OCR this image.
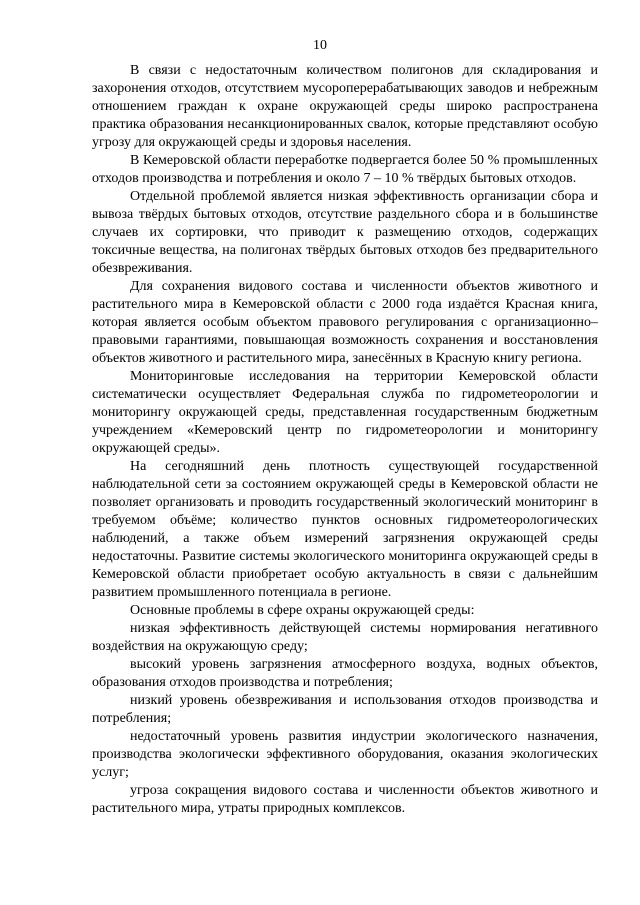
10

В связи с недостаточным количеством полигонов для складирования и захоронения отходов, отсутствием мусороперерабатывающих заводов и небрежным отношением граждан к охране окружающей среды широко распространена практика образования несанкционированных свалок, которые представляют особую угрозу для окружающей среды и здоровья населения.

В Кемеровской области переработке подвергается более 50 % промышленных отходов производства и потребления и около 7 – 10 % твёрдых бытовых отходов.

Отдельной проблемой является низкая эффективность организации сбора и вывоза твёрдых бытовых отходов, отсутствие раздельного сбора и в большинстве случаев их сортировки, что приводит к размещению отходов, содержащих токсичные вещества, на полигонах твёрдых бытовых отходов без предварительного обезвреживания.

Для сохранения видового состава и численности объектов животного и растительного мира в Кемеровской области с 2000 года издаётся Красная книга, которая является особым объектом правового регулирования с организационно–правовыми гарантиями, повышающая возможность сохранения и восстановления объектов животного и растительного мира, занесённых в Красную книгу региона.

Мониторинговые исследования на территории Кемеровской области систематически осуществляет Федеральная служба по гидрометеорологии и мониторингу окружающей среды, представленная государственным бюджетным учреждением «Кемеровский центр по гидрометеорологии и мониторингу окружающей среды».

На сегодняшний день плотность существующей государственной наблюдательной сети за состоянием окружающей среды в Кемеровской области не позволяет организовать и проводить государственный экологический мониторинг в требуемом объёме; количество пунктов основных гидрометеорологических наблюдений, а также объем измерений загрязнения окружающей среды недостаточны. Развитие системы экологического мониторинга окружающей среды в Кемеровской области приобретает особую актуальность в связи с дальнейшим развитием промышленного потенциала в регионе.

Основные проблемы в сфере охраны окружающей среды:

низкая эффективность действующей системы нормирования негативного воздействия на окружающую среду;

высокий уровень загрязнения атмосферного воздуха, водных объектов, образования отходов производства и потребления;

низкий уровень обезвреживания и использования отходов производства и потребления;

недостаточный уровень развития индустрии экологического назначения, производства экологически эффективного оборудования, оказания экологических услуг;

угроза сокращения видового состава и численности объектов животного и растительного мира, утраты природных комплексов.
